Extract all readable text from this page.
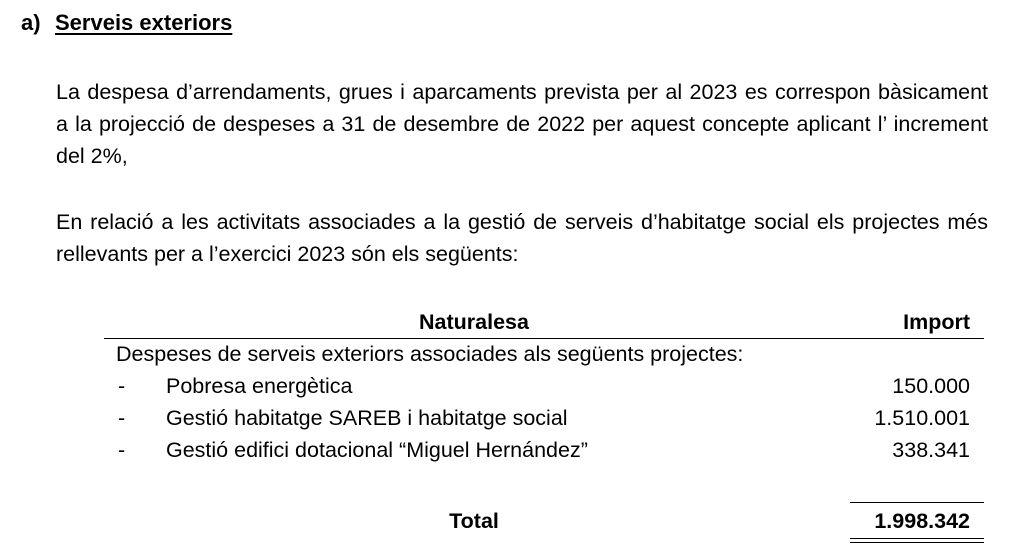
a) Serveis exteriors

La despesa d’arrendaments, grues i aparcaments prevista per al 2023 es correspon bàsicament a la projecció de despeses a 31 de desembre de 2022 per aquest concepte aplicant l’ increment del 2%,

En relació a les activitats associades a la gestió de serveis d’habitatge social els projectes més rellevants per a l’exercici 2023 són els següents:

Naturalesa	Import
Despeses de serveis exteriors associades als següents projectes:
- Pobresa energètica	150.000
- Gestió habitatge SAREB i habitatge social	1.510.001
- Gestió edifici dotacional “Miguel Hernández”	338.341
Total	1.998.342
